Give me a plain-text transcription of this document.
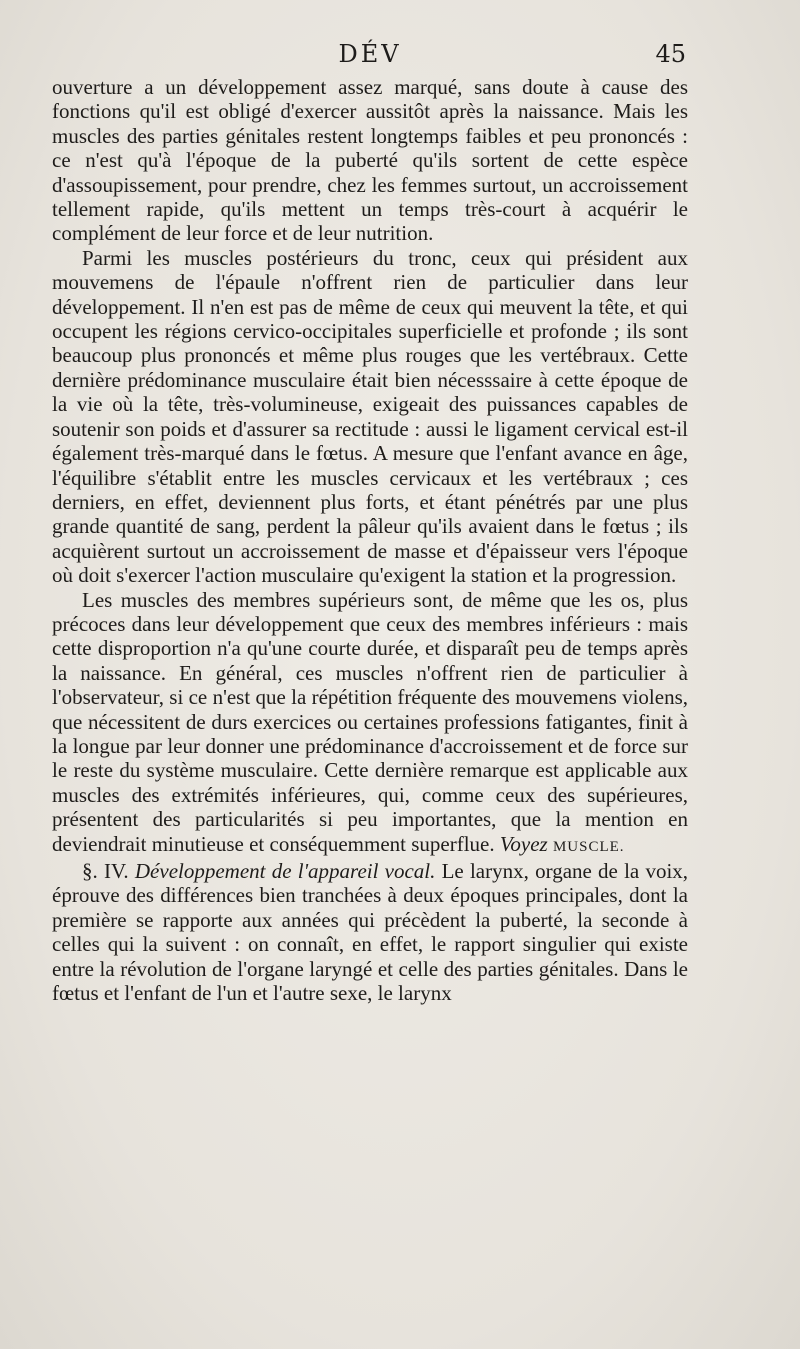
DÉV	45

ouverture a un développement assez marqué, sans doute à cause des fonctions qu'il est obligé d'exercer aussitôt après la naissance. Mais les muscles des parties génitales restent longtemps faibles et peu prononcés : ce n'est qu'à l'époque de la puberté qu'ils sortent de cette espèce d'assoupissement, pour prendre, chez les femmes surtout, un accroissement tellement rapide, qu'ils mettent un temps très-court à acquérir le complément de leur force et de leur nutrition.

Parmi les muscles postérieurs du tronc, ceux qui président aux mouvemens de l'épaule n'offrent rien de particulier dans leur développement. Il n'en est pas de même de ceux qui meuvent la tête, et qui occupent les régions cervico-occipitales superficielle et profonde ; ils sont beaucoup plus prononcés et même plus rouges que les vertébraux. Cette dernière prédominance musculaire était bien nécesssaire à cette époque de la vie où la tête, très-volumineuse, exigeait des puissances capables de soutenir son poids et d'assurer sa rectitude : aussi le ligament cervical est-il également très-marqué dans le fœtus. A mesure que l'enfant avance en âge, l'équilibre s'établit entre les muscles cervicaux et les vertébraux ; ces derniers, en effet, deviennent plus forts, et étant pénétrés par une plus grande quantité de sang, perdent la pâleur qu'ils avaient dans le fœtus ; ils acquièrent surtout un accroissement de masse et d'épaisseur vers l'époque où doit s'exercer l'action musculaire qu'exigent la station et la progression.

Les muscles des membres supérieurs sont, de même que les os, plus précoces dans leur développement que ceux des membres inférieurs : mais cette disproportion n'a qu'une courte durée, et disparaît peu de temps après la naissance. En général, ces muscles n'offrent rien de particulier à l'observateur, si ce n'est que la répétition fréquente des mouvemens violens, que nécessitent de durs exercices ou certaines professions fatigantes, finit à la longue par leur donner une prédominance d'accroissement et de force sur le reste du système musculaire. Cette dernière remarque est applicable aux muscles des extrémités inférieures, qui, comme ceux des supérieures, présentent des particularités si peu importantes, que la mention en deviendrait minutieuse et conséquemment superflue. Voyez MUSCLE.

§. IV. Développement de l'appareil vocal. Le larynx, organe de la voix, éprouve des différences bien tranchées à deux époques principales, dont la première se rapporte aux années qui précèdent la puberté, la seconde à celles qui la suivent : on connaît, en effet, le rapport singulier qui existe entre la révolution de l'organe laryngé et celle des parties génitales. Dans le fœtus et l'enfant de l'un et l'autre sexe, le larynx
